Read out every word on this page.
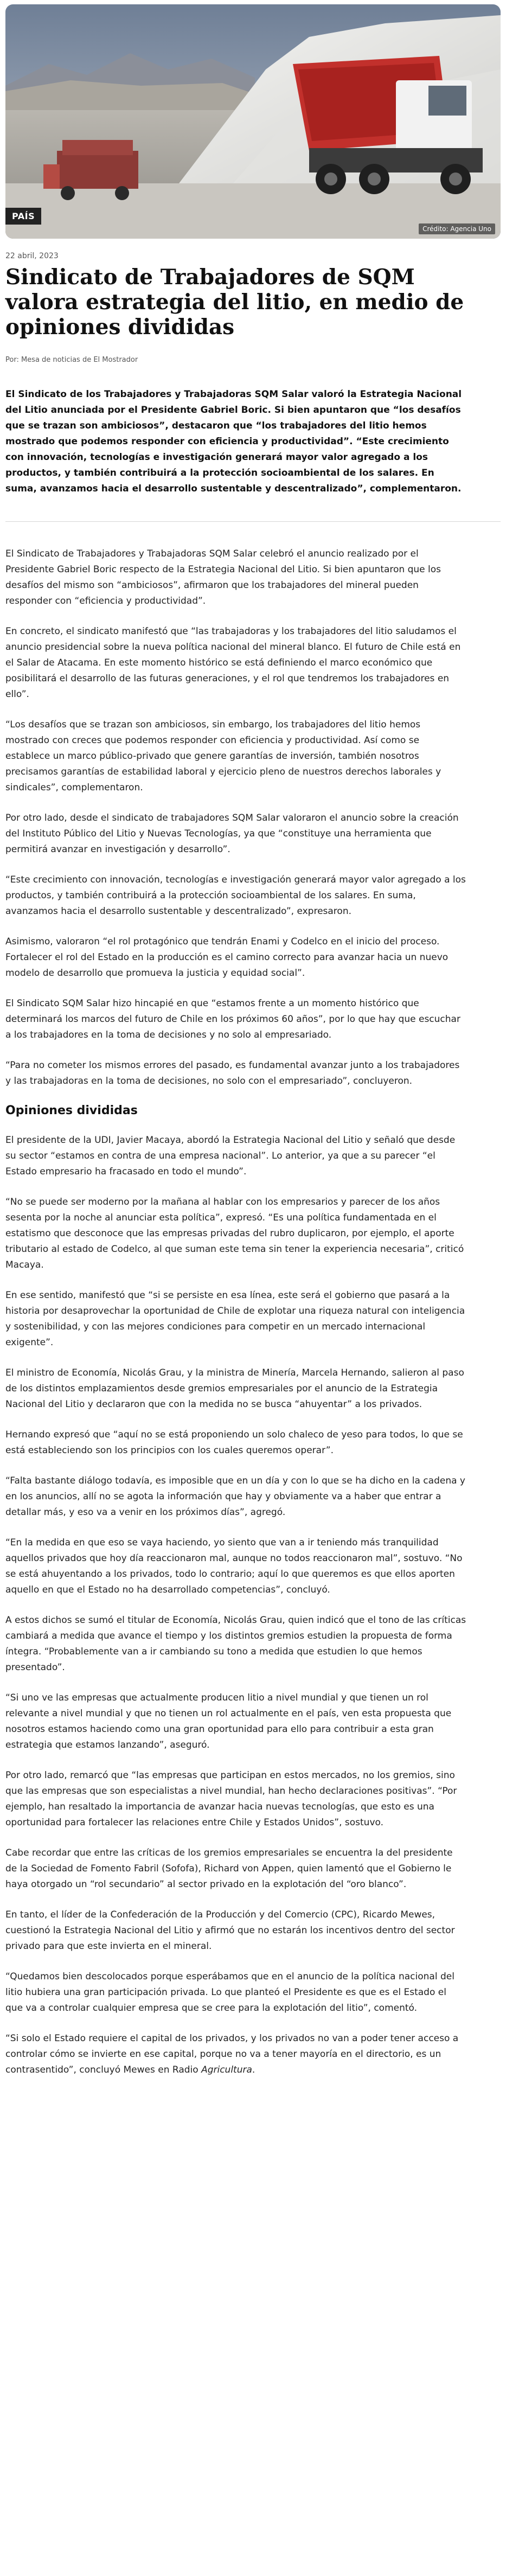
PAÍS
Crédito: Agencia Uno
22 abril, 2023
Sindicato de Trabajadores de SQM valora estrategia del litio, en medio de opiniones divididas
Por: Mesa de noticias de El Mostrador
El Sindicato de los Trabajadores y Trabajadoras SQM Salar valoró la Estrategia Nacional del Litio anunciada por el Presidente Gabriel Boric. Si bien apuntaron que “los desafíos que se trazan son ambiciosos”, destacaron que “los trabajadores del litio hemos mostrado que podemos responder con eficiencia y productividad”. “Este crecimiento con innovación, tecnologías e investigación generará mayor valor agregado a los productos, y también contribuirá a la protección socioambiental de los salares. En suma, avanzamos hacia el desarrollo sustentable y descentralizado”, complementaron.

El Sindicato de Trabajadores y Trabajadoras SQM Salar celebró el anuncio realizado por el Presidente Gabriel Boric respecto de la Estrategia Nacional del Litio. Si bien apuntaron que los desafíos del mismo son “ambiciosos”, afirmaron que los trabajadores del mineral pueden responder con “eficiencia y productividad”.

En concreto, el sindicato manifestó que “las trabajadoras y los trabajadores del litio saludamos el anuncio presidencial sobre la nueva política nacional del mineral blanco. El futuro de Chile está en el Salar de Atacama. En este momento histórico se está definiendo el marco económico que posibilitará el desarrollo de las futuras generaciones, y el rol que tendremos los trabajadores en ello”.

“Los desafíos que se trazan son ambiciosos, sin embargo, los trabajadores del litio hemos mostrado con creces que podemos responder con eficiencia y productividad. Así como se establece un marco público-privado que genere garantías de inversión, también nosotros precisamos garantías de estabilidad laboral y ejercicio pleno de nuestros derechos laborales y sindicales”, complementaron.

Por otro lado, desde el sindicato de trabajadores SQM Salar valoraron el anuncio sobre la creación del Instituto Público del Litio y Nuevas Tecnologías, ya que “constituye una herramienta que permitirá avanzar en investigación y desarrollo”.

“Este crecimiento con innovación, tecnologías e investigación generará mayor valor agregado a los productos, y también contribuirá a la protección socioambiental de los salares. En suma, avanzamos hacia el desarrollo sustentable y descentralizado”, expresaron.

Asimismo, valoraron “el rol protagónico que tendrán Enami y Codelco en el inicio del proceso. Fortalecer el rol del Estado en la producción es el camino correcto para avanzar hacia un nuevo modelo de desarrollo que promueva la justicia y equidad social”.

El Sindicato SQM Salar hizo hincapié en que “estamos frente a un momento histórico que determinará los marcos del futuro de Chile en los próximos 60 años”, por lo que hay que escuchar a los trabajadores en la toma de decisiones y no solo al empresariado.

“Para no cometer los mismos errores del pasado, es fundamental avanzar junto a los trabajadores y las trabajadoras en la toma de decisiones, no solo con el empresariado”, concluyeron.

Opiniones divididas

El presidente de la UDI, Javier Macaya, abordó la Estrategia Nacional del Litio y señaló que desde su sector “estamos en contra de una empresa nacional”. Lo anterior, ya que a su parecer “el Estado empresario ha fracasado en todo el mundo”.

“No se puede ser moderno por la mañana al hablar con los empresarios y parecer de los años sesenta por la noche al anunciar esta política”, expresó. “Es una política fundamentada en el estatismo que desconoce que las empresas privadas del rubro duplicaron, por ejemplo, el aporte tributario al estado de Codelco, al que suman este tema sin tener la experiencia necesaria”, criticó Macaya.

En ese sentido, manifestó que “si se persiste en esa línea, este será el gobierno que pasará a la historia por desaprovechar la oportunidad de Chile de explotar una riqueza natural con inteligencia y sostenibilidad, y con las mejores condiciones para competir en un mercado internacional exigente”.

El ministro de Economía, Nicolás Grau, y la ministra de Minería, Marcela Hernando, salieron al paso de los distintos emplazamientos desde gremios empresariales por el anuncio de la Estrategia Nacional del Litio y declararon que con la medida no se busca “ahuyentar” a los privados.

Hernando expresó que “aquí no se está proponiendo un solo chaleco de yeso para todos, lo que se está estableciendo son los principios con los cuales queremos operar”.

“Falta bastante diálogo todavía, es imposible que en un día y con lo que se ha dicho en la cadena y en los anuncios, allí no se agota la información que hay y obviamente va a haber que entrar a detallar más, y eso va a venir en los próximos días”, agregó.

“En la medida en que eso se vaya haciendo, yo siento que van a ir teniendo más tranquilidad aquellos privados que hoy día reaccionaron mal, aunque no todos reaccionaron mal”, sostuvo. “No se está ahuyentando a los privados, todo lo contrario; aquí lo que queremos es que ellos aporten aquello en que el Estado no ha desarrollado competencias”, concluyó.

A estos dichos se sumó el titular de Economía, Nicolás Grau, quien indicó que el tono de las críticas cambiará a medida que avance el tiempo y los distintos gremios estudien la propuesta de forma íntegra. “Probablemente van a ir cambiando su tono a medida que estudien lo que hemos presentado”.

“Si uno ve las empresas que actualmente producen litio a nivel mundial y que tienen un rol relevante a nivel mundial y que no tienen un rol actualmente en el país, ven esta propuesta que nosotros estamos haciendo como una gran oportunidad para ello para contribuir a esta gran estrategia que estamos lanzando”, aseguró.

Por otro lado, remarcó que “las empresas que participan en estos mercados, no los gremios, sino que las empresas que son especialistas a nivel mundial, han hecho declaraciones positivas”. “Por ejemplo, han resaltado la importancia de avanzar hacia nuevas tecnologías, que esto es una oportunidad para fortalecer las relaciones entre Chile y Estados Unidos”, sostuvo.

Cabe recordar que entre las críticas de los gremios empresariales se encuentra la del presidente de la Sociedad de Fomento Fabril (Sofofa), Richard von Appen, quien lamentó que el Gobierno le haya otorgado un “rol secundario” al sector privado en la explotación del “oro blanco”.

En tanto, el líder de la Confederación de la Producción y del Comercio (CPC), Ricardo Mewes, cuestionó la Estrategia Nacional del Litio y afirmó que no estarán los incentivos dentro del sector privado para que este invierta en el mineral.

“Quedamos bien descolocados porque esperábamos que en el anuncio de la política nacional del litio hubiera una gran participación privada. Lo que planteó el Presidente es que es el Estado el que va a controlar cualquier empresa que se cree para la explotación del litio”, comentó.

“Si solo el Estado requiere el capital de los privados, y los privados no van a poder tener acceso a controlar cómo se invierte en ese capital, porque no va a tener mayoría en el directorio, es un contrasentido”, concluyó Mewes en Radio Agricultura.
